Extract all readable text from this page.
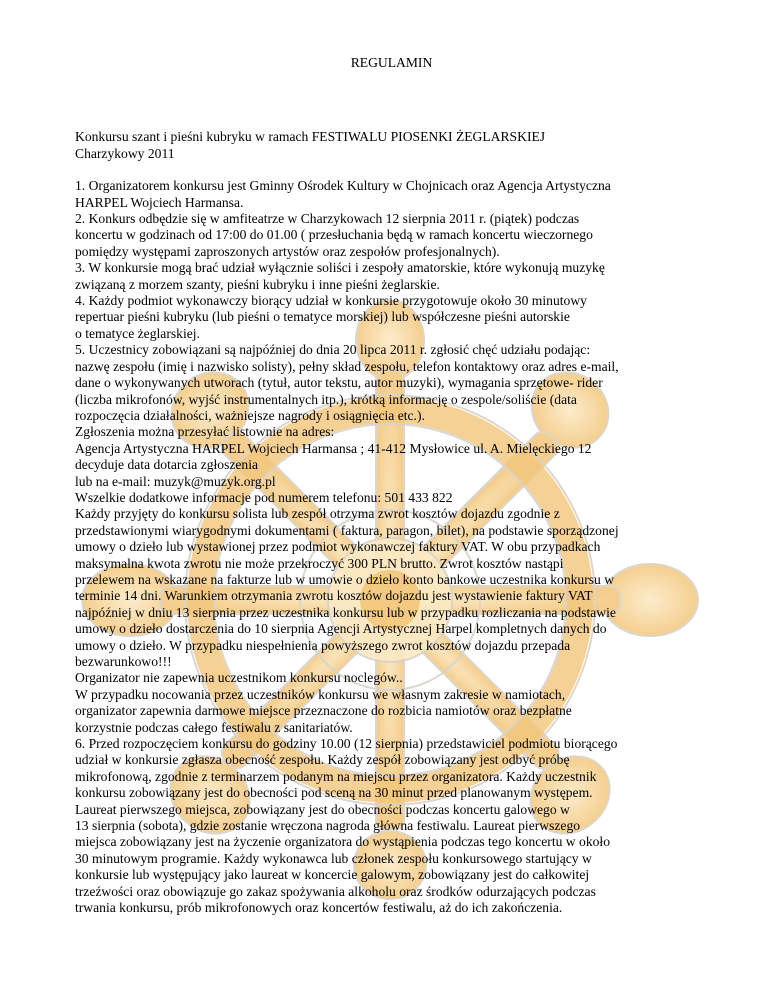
REGULAMIN
Konkursu szant i pieśni kubryku w ramach FESTIWALU PIOSENKI ŻEGLARSKIEJ
Charzykowy 2011
1. Organizatorem konkursu jest Gminny Ośrodek Kultury w Chojnicach oraz Agencja Artystyczna
HARPEL Wojciech Harmansa.
2. Konkurs odbędzie się w amfiteatrze w Charzykowach 12 sierpnia 2011 r. (piątek) podczas
koncertu w godzinach od 17:00 do 01.00 ( przesłuchania będą w ramach koncertu wieczornego
pomiędzy występami zaproszonych artystów oraz zespołów profesjonalnych).
3. W konkursie mogą brać udział wyłącznie soliści i zespoły amatorskie, które wykonują muzykę
związaną z morzem szanty, pieśni kubryku i inne pieśni żeglarskie.
4. Każdy podmiot wykonawczy biorący udział w konkursie przygotowuje około 30 minutowy
repertuar pieśni kubryku (lub pieśni o tematyce morskiej) lub współczesne pieśni autorskie
o tematyce żeglarskiej.
5. Uczestnicy zobowiązani są najpóźniej do dnia 20 lipca 2011 r. zgłosić chęć udziału podając:
nazwę zespołu (imię i nazwisko solisty), pełny skład zespołu, telefon kontaktowy oraz adres e-mail,
dane o wykonywanych utworach (tytuł, autor tekstu, autor muzyki), wymagania sprzętowe- rider
(liczba mikrofonów, wyjść instrumentalnych itp.), krótką informację o zespole/soliście (data
rozpoczęcia działalności, ważniejsze nagrody i osiągnięcia etc.).
Zgłoszenia można przesyłać listownie na adres:
Agencja Artystyczna HARPEL Wojciech Harmansa ; 41-412 Mysłowice ul. A. Mielęckiego 12
decyduje data dotarcia zgłoszenia
lub na e-mail: muzyk@muzyk.org.pl
Wszelkie dodatkowe informacje pod numerem telefonu: 501 433 822
Każdy przyjęty do konkursu solista lub zespół otrzyma zwrot kosztów dojazdu zgodnie z
przedstawionymi wiarygodnymi dokumentami ( faktura, paragon, bilet), na podstawie sporządzonej
umowy o dzieło lub wystawionej przez podmiot wykonawczej faktury VAT. W obu przypadkach
maksymalna kwota zwrotu nie może przekroczyć 300 PLN brutto. Zwrot kosztów nastąpi
przelewem na wskazane na fakturze lub w umowie o dzieło konto bankowe uczestnika konkursu w
terminie 14 dni. Warunkiem otrzymania zwrotu kosztów dojazdu jest wystawienie faktury VAT
najpóźniej w dniu 13 sierpnia przez uczestnika konkursu lub w przypadku rozliczania na podstawie
umowy o dzieło dostarczenia do 10 sierpnia Agencji Artystycznej Harpel kompletnych danych do
umowy o dzieło. W przypadku niespełnienia powyższego zwrot kosztów dojazdu przepada
bezwarunkowo!!!
Organizator nie zapewnia uczestnikom konkursu noclegów..
W przypadku nocowania przez uczestników konkursu we własnym zakresie w namiotach,
organizator zapewnia darmowe miejsce przeznaczone do rozbicia namiotów oraz bezpłatne
korzystnie podczas całego festiwalu z sanitariatów.
6. Przed rozpoczęciem konkursu do godziny 10.00 (12 sierpnia) przedstawiciel podmiotu biorącego
udział w konkursie zgłasza obecność zespołu. Każdy zespół zobowiązany jest odbyć próbę
mikrofonową, zgodnie z terminarzem podanym na miejscu przez organizatora. Każdy uczestnik
konkursu zobowiązany jest do obecności pod sceną na 30 minut przed planowanym występem.
Laureat pierwszego miejsca, zobowiązany jest do obecności podczas koncertu galowego w
13 sierpnia (sobota), gdzie zostanie wręczona nagroda główna festiwalu. Laureat pierwszego
miejsca zobowiązany jest na życzenie organizatora do wystąpienia podczas tego koncertu w około
30 minutowym programie. Każdy wykonawca lub członek zespołu konkursowego startujący w
konkursie lub występujący jako laureat w koncercie galowym, zobowiązany jest do całkowitej
trzeźwości oraz obowiązuje go zakaz spożywania alkoholu oraz środków odurzających podczas
trwania konkursu, prób mikrofonowych oraz koncertów festiwalu, aż do ich zakończenia.
